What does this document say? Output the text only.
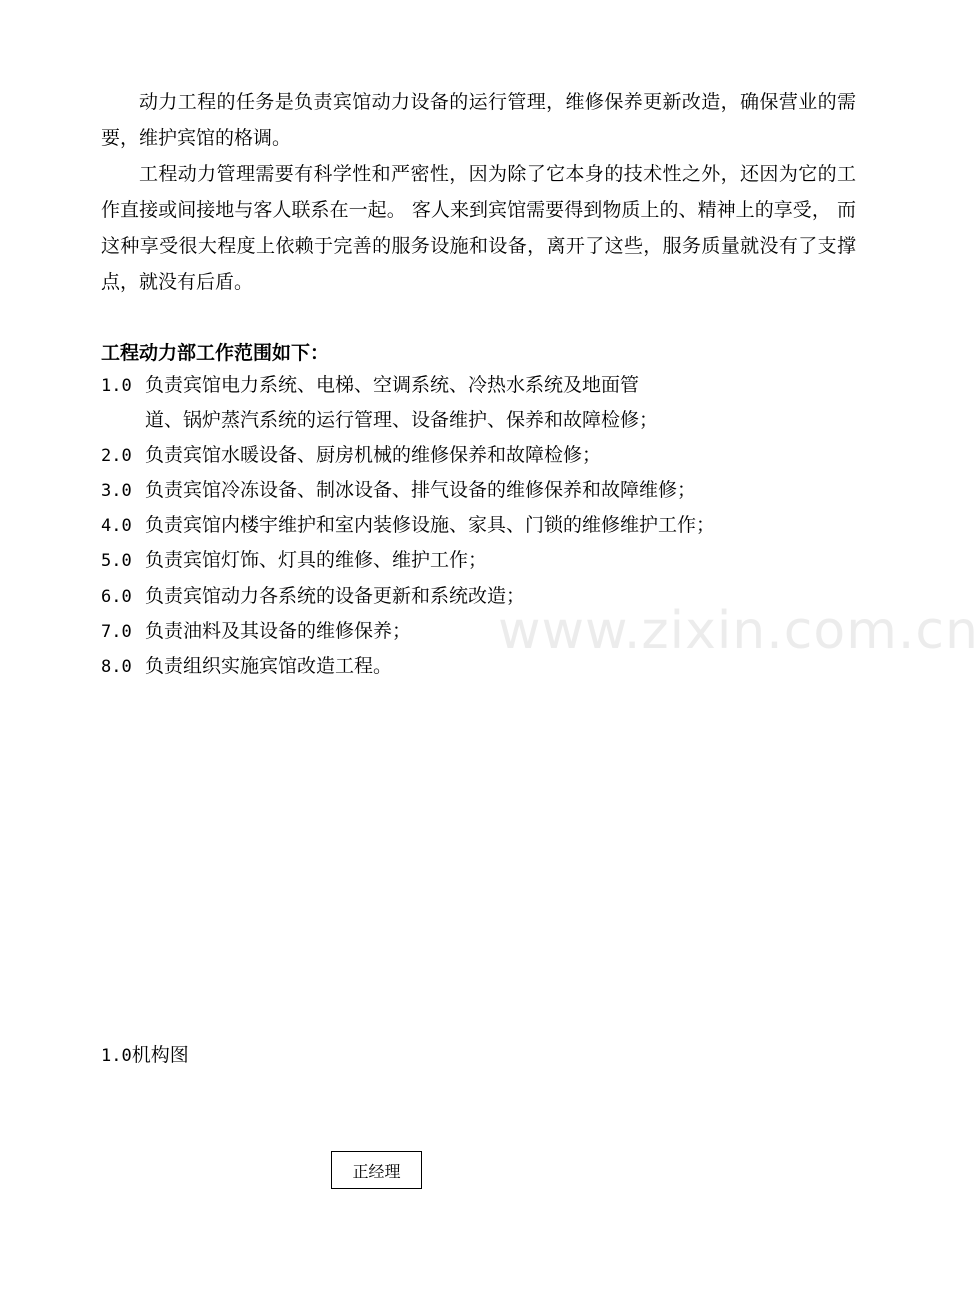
动力工程的任务是负责宾馆动力设备的运行管理，维修保养更新改造，确保营业的需要，维护宾馆的格调。

工程动力管理需要有科学性和严密性，因为除了它本身的技术性之外，还因为它的工作直接或间接地与客人联系在一起。 客人来到宾馆需要得到物质上的、精神上的享受， 而这种享受很大程度上依赖于完善的服务设施和设备，离开了这些，服务质量就没有了支撑点，就没有后盾。

工程动力部工作范围如下：

1.0 负责宾馆电力系统、电梯、空调系统、冷热水系统及地面管
道、锅炉蒸汽系统的运行管理、设备维护、保养和故障检修；
2.0 负责宾馆水暖设备、厨房机械的维修保养和故障检修；
3.0 负责宾馆冷冻设备、制冰设备、排气设备的维修保养和故障维修；
4.0 负责宾馆内楼宇维护和室内装修设施、家具、门锁的维修维护工作；
5.0 负责宾馆灯饰、灯具的维修、维护工作；
6.0 负责宾馆动力各系统的设备更新和系统改造；
7.0 负责油料及其设备的维修保养；
8.0 负责组织实施宾馆改造工程。
www.zixin.com.cn

1.0机构图

正经理
